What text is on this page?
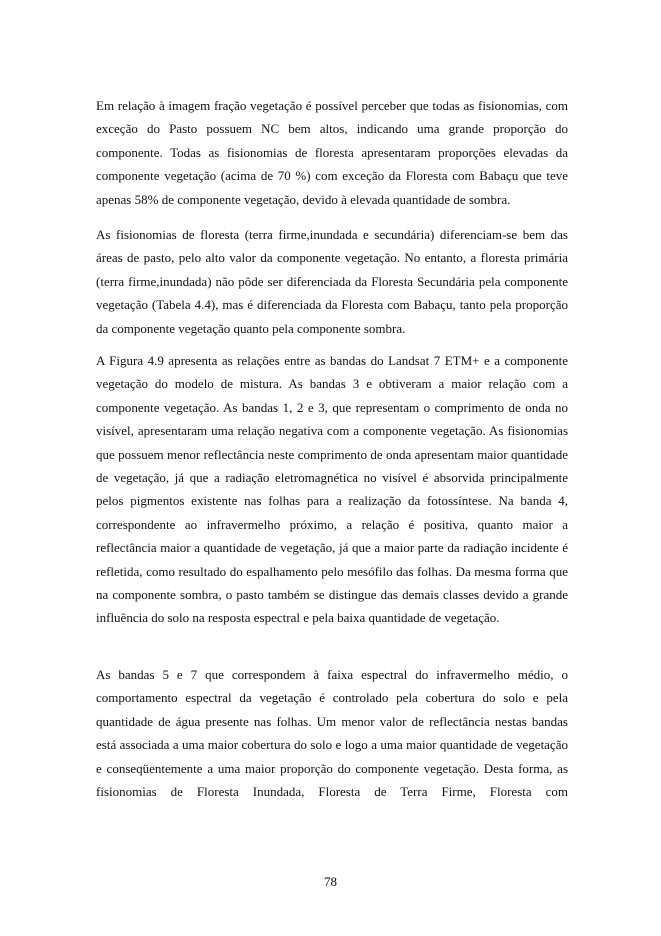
Em relação à imagem fração vegetação é possível perceber que todas as fisionomias, com exceção do Pasto possuem NC bem altos, indicando uma grande proporção do componente. Todas as fisionomias de floresta apresentaram proporções elevadas da componente vegetação (acima de 70 %) com exceção da Floresta com Babaçu que teve apenas 58% de componente vegetação, devido à elevada quantidade de sombra.

As fisionomias de floresta (terra firme,inundada e secundária) diferenciam-se bem das áreas de pasto, pelo alto valor da componente vegetação. No entanto, a floresta primária (terra firme,inundada) não pôde ser diferenciada da Floresta Secundária pela componente vegetação (Tabela 4.4), mas é diferenciada da Floresta com Babaçu, tanto pela proporção da componente vegetação quanto pela componente sombra.

A Figura 4.9 apresenta as relações entre as bandas do Landsat 7 ETM+ e a componente vegetação do modelo de mistura. As bandas 3 e obtiveram a maior relação com a componente vegetação. As bandas 1, 2 e 3, que representam o comprimento de onda no visível, apresentaram uma relação negativa com a componente vegetação. As fisionomias que possuem menor reflectância neste comprimento de onda apresentam maior quantidade de vegetação, já que a radiação eletromagnética no visível é absorvida principalmente pelos pigmentos existente nas folhas para a realização da fotossíntese. Na banda 4, correspondente ao infravermelho próximo, a relação é positiva, quanto maior a reflectância maior a quantidade de vegetação, já que a maior parte da radiação incidente é refletida, como resultado do espalhamento pelo mesófilo das folhas. Da mesma forma que na componente sombra, o pasto também se distingue das demais classes devido a grande influência do solo na resposta espectral e pela baixa quantidade de vegetação.

As bandas 5 e 7 que correspondem à faixa espectral do infravermelho médio, o comportamento espectral da vegetação é controlado pela cobertura do solo e pela quantidade de água presente nas folhas. Um menor valor de reflectância nestas bandas está associada a uma maior cobertura do solo e logo a uma maior quantidade de vegetação e conseqüentemente a uma maior proporção do componente vegetação. Desta forma, as fisionomias de Floresta Inundada, Floresta de Terra Firme, Floresta com

78
